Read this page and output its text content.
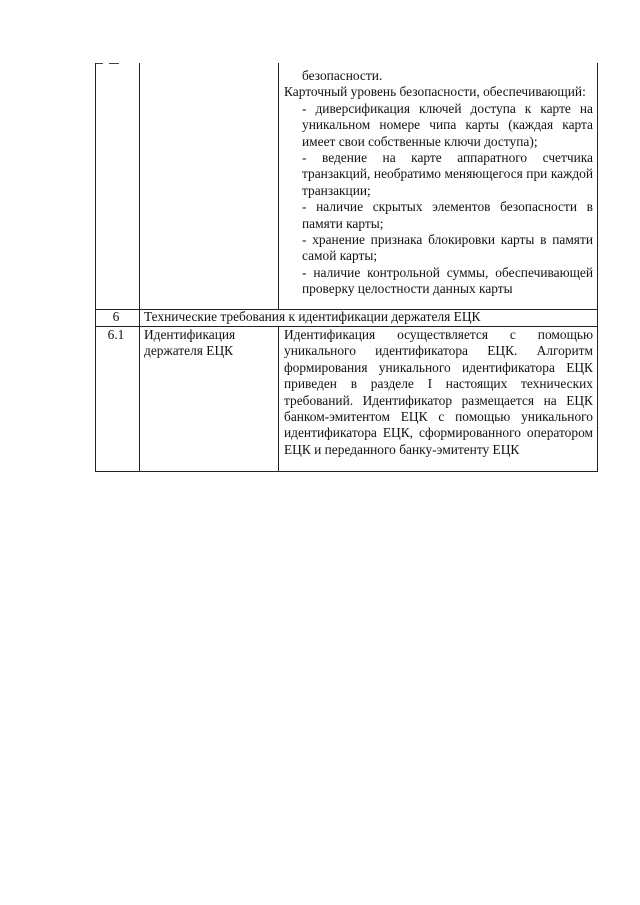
безопасности.

Карточный уровень безопасности, обеспечивающий:

- диверсификация ключей доступа к карте на уникальном номере чипа карты (каждая карта имеет свои собственные ключи доступа);

- ведение на карте аппаратного счетчика транзакций, необратимо меняющегося при каждой транзакции;

- наличие скрытых элементов безопасности в памяти карты;

- хранение признака блокировки карты в памяти самой карты;

- наличие контрольной суммы, обеспечивающей проверку целостности данных карты

6	Технические требования к идентификации держателя ЕЦК
6.1	Идентификация держателя ЕЦК
Идентификация осуществляется с помощью уникального идентификатора ЕЦК. Алгоритм формирования уникального идентификатора ЕЦК приведен в разделе I настоящих технических требований. Идентификатор размещается на ЕЦК банком-эмитентом ЕЦК с помощью уникального идентификатора ЕЦК, сформированного оператором ЕЦК и переданного банку-эмитенту ЕЦК
